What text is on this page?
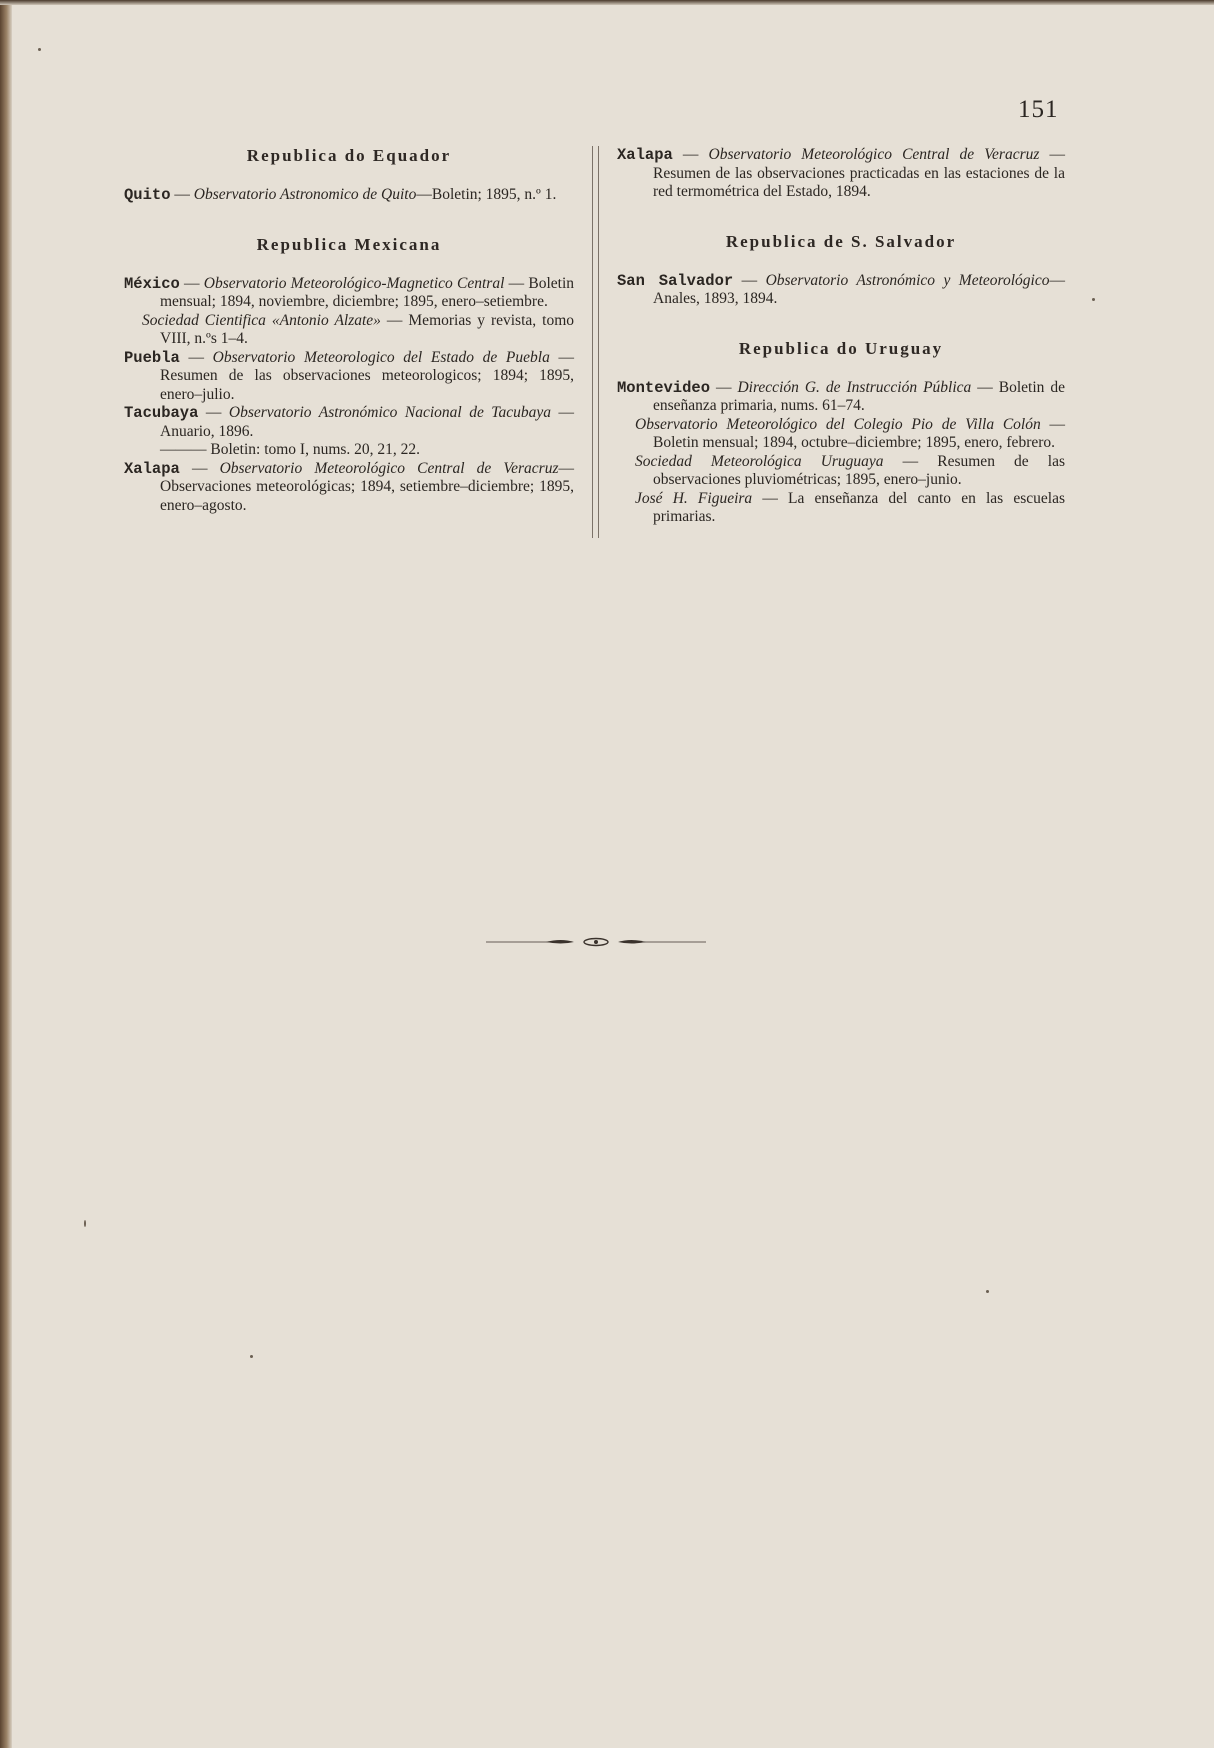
151
Republica do Equador

Quito — Observatorio Astronomico de Quito—Boletin; 1895, n.º 1.

Republica Mexicana

México — Observatorio Meteorológico-Magnetico Central — Boletin mensual; 1894, noviembre, diciembre; 1895, enero–setiembre.

Sociedad Cientifica «Antonio Alzate» — Memorias y revista, tomo VIII, n.ºs 1–4.

Puebla — Observatorio Meteorologico del Estado de Puebla — Resumen de las observaciones meteorologicos; 1894; 1895, enero–julio.

Tacubaya — Observatorio Astronómico Nacional de Tacubaya —Anuario, 1896.

——— Boletin: tomo I, nums. 20, 21, 22.

Xalapa — Observatorio Meteorológico Central de Veracruz— Observaciones meteorológicas; 1894, setiembre–diciembre; 1895, enero–agosto.

Xalapa — Observatorio Meteorológico Central de Veracruz — Resumen de las observaciones practicadas en las estaciones de la red termométrica del Estado, 1894.

Republica de S. Salvador

San Salvador — Observatorio Astronómico y Meteorológico—Anales, 1893, 1894.

Republica do Uruguay

Montevideo — Dirección G. de Instrucción Pública — Boletin de enseñanza primaria, nums. 61–74.

Observatorio Meteorológico del Colegio Pio de Villa Colón — Boletin mensual; 1894, octubre–diciembre; 1895, enero, febrero.

Sociedad Meteorológica Uruguaya — Resumen de las observaciones pluviométricas; 1895, enero–junio.

José H. Figueira — La enseñanza del canto en las escuelas primarias.
